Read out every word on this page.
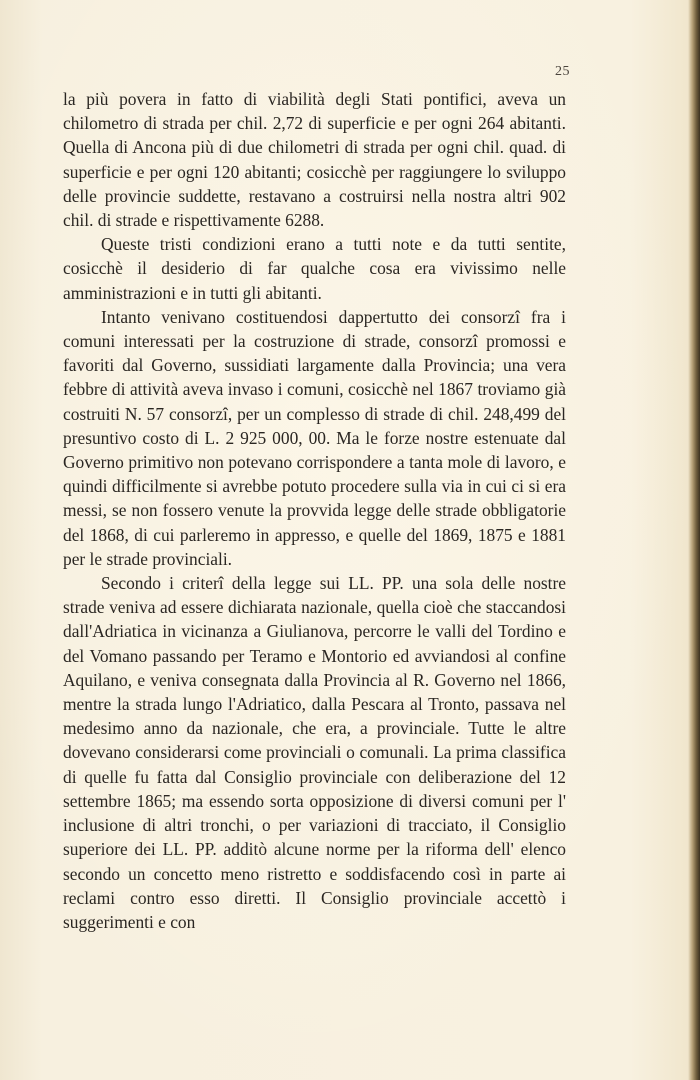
25

la più povera in fatto di viabilità degli Stati pontifici, aveva un chilometro di strada per chil. 2,72 di superficie e per ogni 264 abitanti. Quella di Ancona più di due chilometri di strada per ogni chil. quad. di superficie e per ogni 120 abitanti; cosicchè per raggiungere lo sviluppo delle provincie suddette, restavano a costruirsi nella nostra altri 902 chil. di strade e rispettivamente 6288.

Queste tristi condizioni erano a tutti note e da tutti sentite, cosicchè il desiderio di far qualche cosa era vivissimo nelle amministrazioni e in tutti gli abitanti.

Intanto venivano costituendosi dappertutto dei consorzî fra i comuni interessati per la costruzione di strade, consorzî promossi e favoriti dal Governo, sussidiati largamente dalla Provincia; una vera febbre di attività aveva invaso i comuni, cosicchè nel 1867 troviamo già costruiti N. 57 consorzî, per un complesso di strade di chil. 248,499 del presuntivo costo di L. 2 925 000, 00. Ma le forze nostre estenuate dal Governo primitivo non potevano corrispondere a tanta mole di lavoro, e quindi difficilmente si avrebbe potuto procedere sulla via in cui ci si era messi, se non fossero venute la provvida legge delle strade obbligatorie del 1868, di cui parleremo in appresso, e quelle del 1869, 1875 e 1881 per le strade provinciali.

Secondo i criterî della legge sui LL. PP. una sola delle nostre strade veniva ad essere dichiarata nazionale, quella cioè che staccandosi dall'Adriatica in vicinanza a Giulianova, percorre le valli del Tordino e del Vomano passando per Teramo e Montorio ed avviandosi al confine Aquilano, e veniva consegnata dalla Provincia al R. Governo nel 1866, mentre la strada lungo l'Adriatico, dalla Pescara al Tronto, passava nel medesimo anno da nazionale, che era, a provinciale. Tutte le altre dovevano considerarsi come provinciali o comunali. La prima classifica di quelle fu fatta dal Consiglio provinciale con deliberazione del 12 settembre 1865; ma essendo sorta opposizione di diversi comuni per l' inclusione di altri tronchi, o per variazioni di tracciato, il Consiglio superiore dei LL. PP. additò alcune norme per la riforma dell' elenco secondo un concetto meno ristretto e soddisfacendo così in parte ai reclami contro esso diretti. Il Consiglio provinciale accettò i suggerimenti e con
